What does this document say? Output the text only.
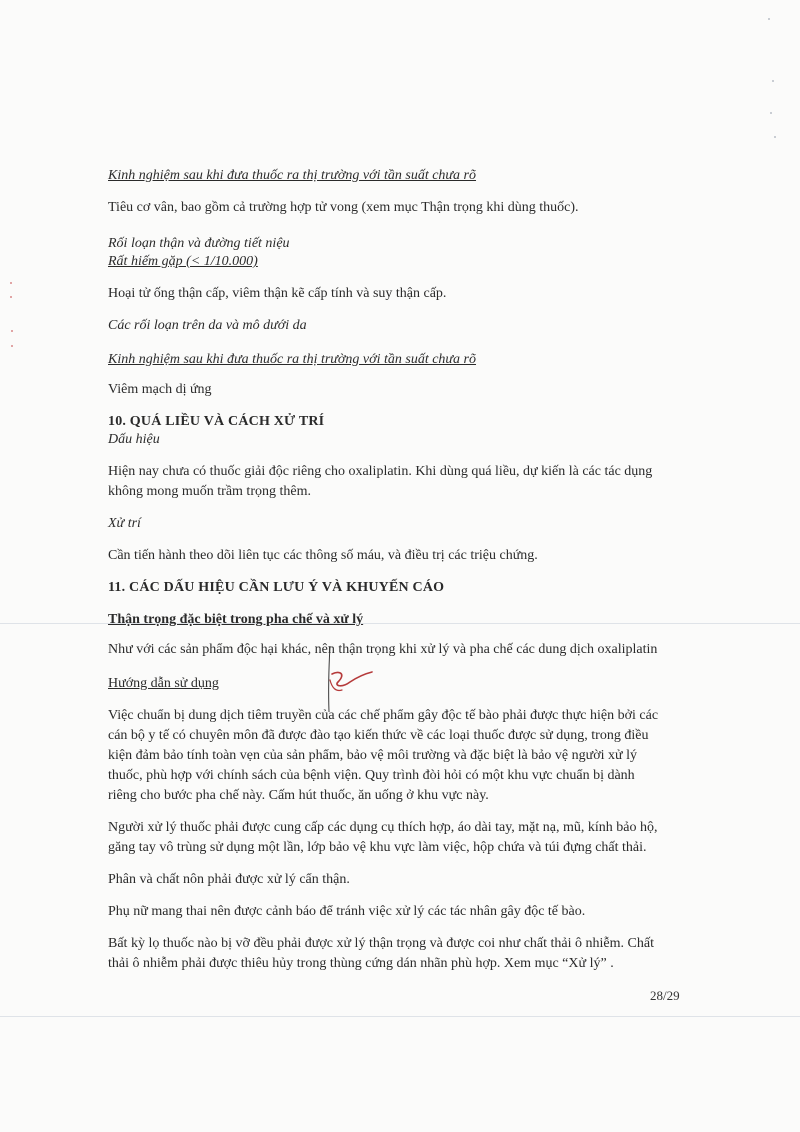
Kinh nghiệm sau khi đưa thuốc ra thị trường với tần suất chưa rõ

Tiêu cơ vân, bao gồm cả trường hợp tử vong (xem mục Thận trọng khi dùng thuốc).

Rối loạn thận và đường tiết niệu

Rất hiếm gặp (< 1/10.000)

Hoại tử ống thận cấp, viêm thận kẽ cấp tính và suy thận cấp.

Các rối loạn trên da và mô dưới da

Kinh nghiệm sau khi đưa thuốc ra thị trường với tần suất chưa rõ

Viêm mạch dị ứng

10. QUÁ LIỀU VÀ CÁCH XỬ TRÍ

Dấu hiệu

Hiện nay chưa có thuốc giải độc riêng cho oxaliplatin. Khi dùng quá liều, dự kiến là các tác dụng
không mong muốn trầm trọng thêm.

Xử trí

Cần tiến hành theo dõi liên tục các thông số máu, và điều trị các triệu chứng.

11. CÁC DẤU HIỆU CẦN LƯU Ý VÀ KHUYẾN CÁO

Thận trọng đặc biệt trong pha chế và xử lý

Như với các sản phẩm độc hại khác, nên thận trọng khi xử lý và pha chế các dung dịch oxaliplatin

Hướng dẫn sử dụng

Việc chuẩn bị dung dịch tiêm truyền của các chế phẩm gây độc tế bào phải được thực hiện bởi các
cán bộ y tế có chuyên môn đã được đào tạo kiến thức về các loại thuốc được sử dụng, trong điều
kiện đảm bảo tính toàn vẹn của sản phẩm, bảo vệ môi trường và đặc biệt là bảo vệ người xử lý
thuốc, phù hợp với chính sách của bệnh viện. Quy trình đòi hỏi có một khu vực chuẩn bị dành
riêng cho bước pha chế này. Cấm hút thuốc, ăn uống ở khu vực này.

Người xử lý thuốc phải được cung cấp các dụng cụ thích hợp, áo dài tay, mặt nạ, mũ, kính bảo hộ,
găng tay vô trùng sử dụng một lần, lớp bảo vệ khu vực làm việc, hộp chứa và túi đựng chất thải.

Phân và chất nôn phải được xử lý cẩn thận.

Phụ nữ mang thai nên được cảnh báo để tránh việc xử lý các tác nhân gây độc tế bào.

Bất kỳ lọ thuốc nào bị vỡ đều phải được xử lý thận trọng và được coi như chất thải ô nhiễm. Chất
thải ô nhiễm phải được thiêu hủy trong thùng cứng dán nhãn phù hợp. Xem mục “Xử lý” .

28/29
